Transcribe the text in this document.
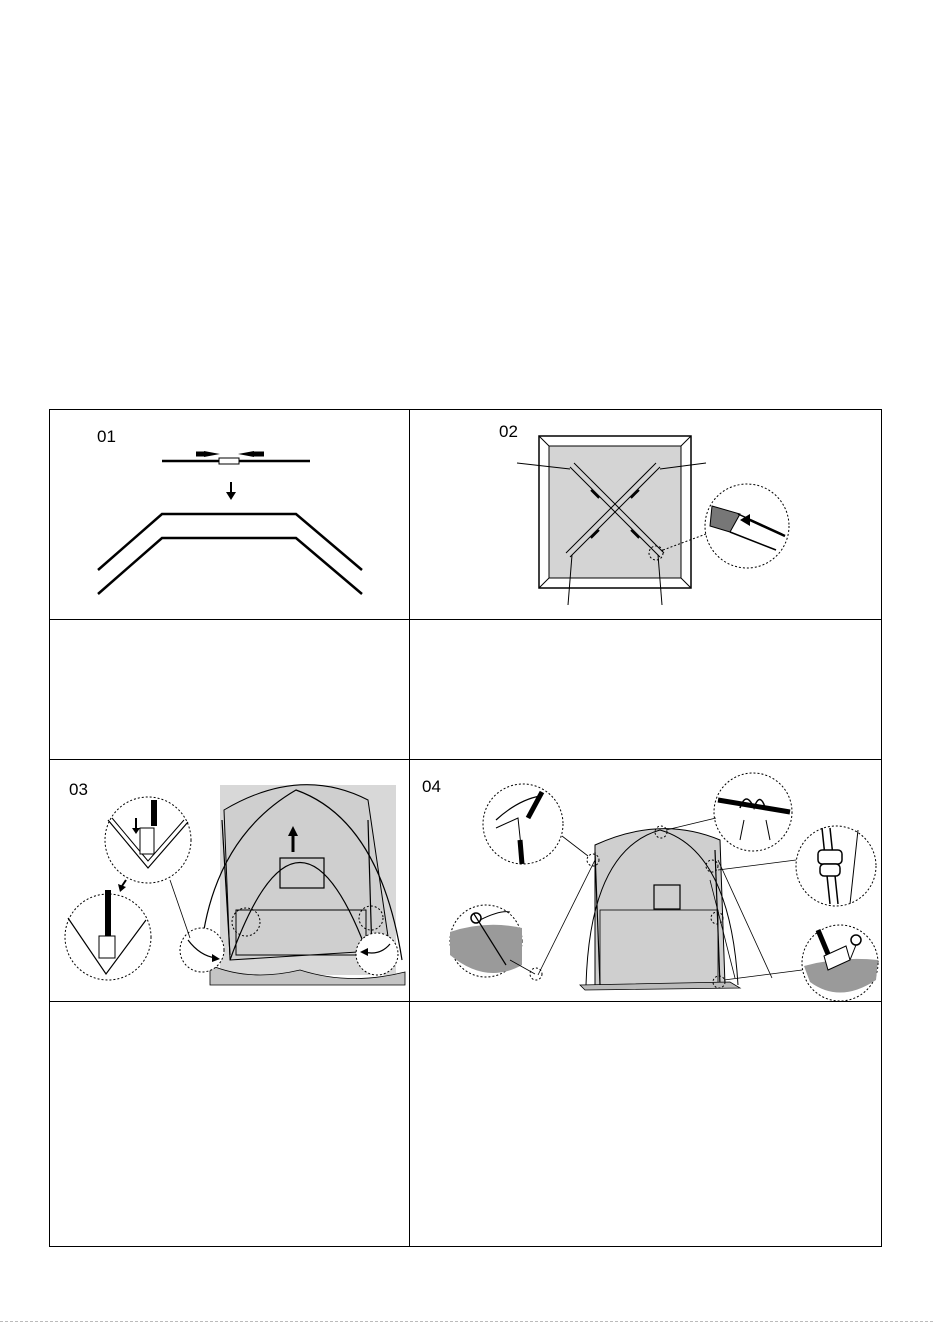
01	02
03	04
